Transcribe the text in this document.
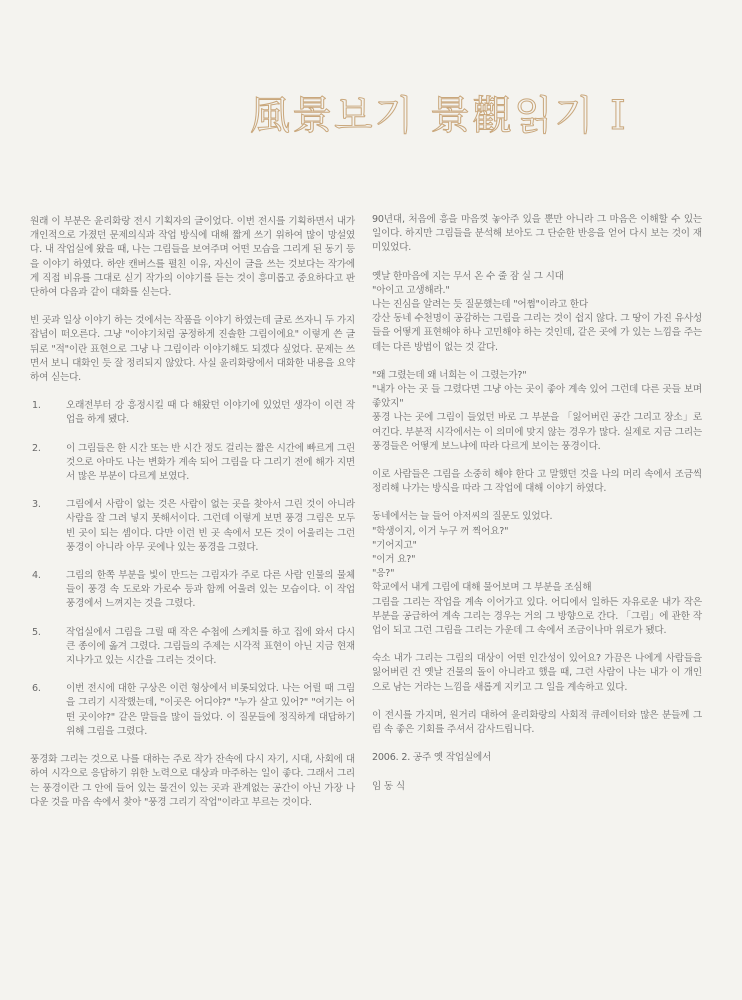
風景보기 景觀읽기 I

원래 이 부분은 윤리화랑 전시 기획자의 글이었다. 이번 전시를 기획하면서 내가 개인적으로 가졌던 문제의식과 작업 방식에 대해 짧게 쓰기 위하여 많이 망설였다. 내 작업실에 왔을 때, 나는 그림들을 보여주며 어떤 모습을 그리게 된 동기 등을 이야기 하였다. 하얀 캔버스를 펼친 이유, 자신이 글을 쓰는 것보다는 작가에게 직접 비유를 그대로 싣기 작가의 이야기를 듣는 것이 흥미롭고 중요하다고 판단하여 다음과 같이 대화를 싣는다.

빈 곳과 일상 이야기 하는 것에서는 작품을 이야기 하였는데 글로 쓰자니 두 가지 잡념이 떠오른다. 그냥 "이야기처럼 공정하게 진솔한 그림이에요" 이렇게 쓴 글 뒤로 "적"이란 표현으로 그냥 나 그림이라 이야기해도 되겠다 싶었다. 문제는 쓰면서 보니 대화인 듯 잘 정리되지 않았다. 사실 윤리화랑에서 대화한 내용을 요약하여 싣는다.

1.	오래전부터 강 흥정시킬 때 다 해왔던 이야기에 있었던 생각이 이런 작업을 하게 됐다.
2.	이 그림들은 한 시간 또는 반 시간 정도 걸리는 짧은 시간에 빠르게 그린 것으로 아마도 나는 변화가 계속 되어 그림을 다 그리기 전에 해가 지면서 많은 부분이 다르게 보였다.
3.	그림에서 사람이 없는 것은 사람이 없는 곳을 찾아서 그린 것이 아니라 사람을 잘 그려 넣지 못해서이다. 그런데 이렇게 보면 풍경 그림은 모두 빈 곳이 되는 셈이다. 다만 이런 빈 곳 속에서 모든 것이 어울리는 그런 풍경이 아니라 아무 곳에나 있는 풍경을 그렸다.
4.	그림의 한쪽 부분을 빛이 만드는 그림자가 주로 다른 사람 인물의 물체들이 풍경 속 도로와 가로수 등과 함께 어울려 있는 모습이다. 이 작업 풍경에서 느껴지는 것을 그렸다.
5.	작업실에서 그림을 그릴 때 작은 수첩에 스케치를 하고 집에 와서 다시 큰 종이에 옮겨 그렸다. 그림들의 주제는 시각적 표현이 아닌 지금 현재 지나가고 있는 시간을 그리는 것이다.
6.	이번 전시에 대한 구상은 이런 형상에서 비롯되었다. 나는 어릴 때 그림을 그리기 시작했는데, "이곳은 어디야?" "누가 살고 있어?" "여기는 어떤 곳이야?" 같은 말들을 많이 들었다. 이 질문들에 정직하게 대답하기 위해 그림을 그렸다.

풍경화 그리는 것으로 나를 대하는 주로 작가 잔속에 다시 자기, 시대, 사회에 대하여 시각으로 응답하기 위한 노력으로 대상과 마주하는 일이 좋다. 그래서 그리는 풍경이란 그 안에 들어 있는 물건이 있는 곳과 관계없는 공간이 아닌 가장 나다운 것을 마음 속에서 찾아 "풍경 그리기 작업"이라고 부르는 것이다.

90년대, 처음에 흥을 마음껏 놓아주 있을 뿐만 아니라 그 마음은 이해할 수 있는 일이다. 하지만 그림들을 분석해 보아도 그 단순한 반응을 얻어 다시 보는 것이 재미있었다.

옛날 한마음에 지는 무서 온 수 줄 잠 실 그 시대

"아이고 고생해라."

나는 진심을 알려는 듯 질문했는데 "어쩜"이라고 한다

강산 동네 수천명이 공감하는 그림을 그리는 것이 쉽지 않다. 그 땅이 가진 유사성들을 어떻게 표현해야 하나 고민해야 하는 것인데, 같은 곳에 가 있는 느낌을 주는 데는 다른 방법이 없는 것 같다.

"왜 그렸는데 왜 너희는 이 그렸는가?"

"내가 아는 곳 들 그렸다면 그냥 아는 곳이 좋아 계속 있어 그런데 다른 곳들 보며 좋았지"

풍경 나는 곳에 그림이 들었던 바로 그 부분을 「잃어버린 공간 그리고 장소」로 여긴다. 부분적 시각에서는 이 의미에 맞지 않는 경우가 많다. 실제로 지금 그리는 풍경들은 어떻게 보느냐에 따라 다르게 보이는 풍경이다.

이로 사람들은 그림을 소중히 해야 한다 고 말했던 것을 나의 머리 속에서 조금씩 정리해 나가는 방식을 따라 그 작업에 대해 이야기 하였다.

동네에서는 늘 들어 아저씨의 질문도 있었다.

"학생이지, 이거 누구 꺼 찍어요?"

"기어지고"

"이거 요?"

"응?"

학교에서 내게 그림에 대해 물어보며 그 부분을 조심해

그림을 그리는 작업을 계속 이어가고 있다. 어디에서 일하든 자유로운 내가 작은 부분을 공급하여 계속 그리는 경우는 거의 그 방향으로 간다. 「그림」에 관한 작업이 되고 그런 그림을 그리는 가운데 그 속에서 조금이나마 위로가 됐다.

숙소 내가 그리는 그림의 대상이 어떤 인간성이 있어요? 가끔은 나에게 사람들을 잃어버린 건 옛날 건물의 돌이 아니라고 했을 때, 그런 사람이 나는 내가 이 개인으로 남는 거라는 느낌을 새롭게 지키고 그 일을 계속하고 있다.

이 전시를 가지며, 원거리 대하여 윤리화랑의 사회적 큐레이터와 많은 분들께 그림 속 좋은 기회를 주셔서 감사드립니다.

2006. 2. 공주 옛 작업실에서

임 동 식
